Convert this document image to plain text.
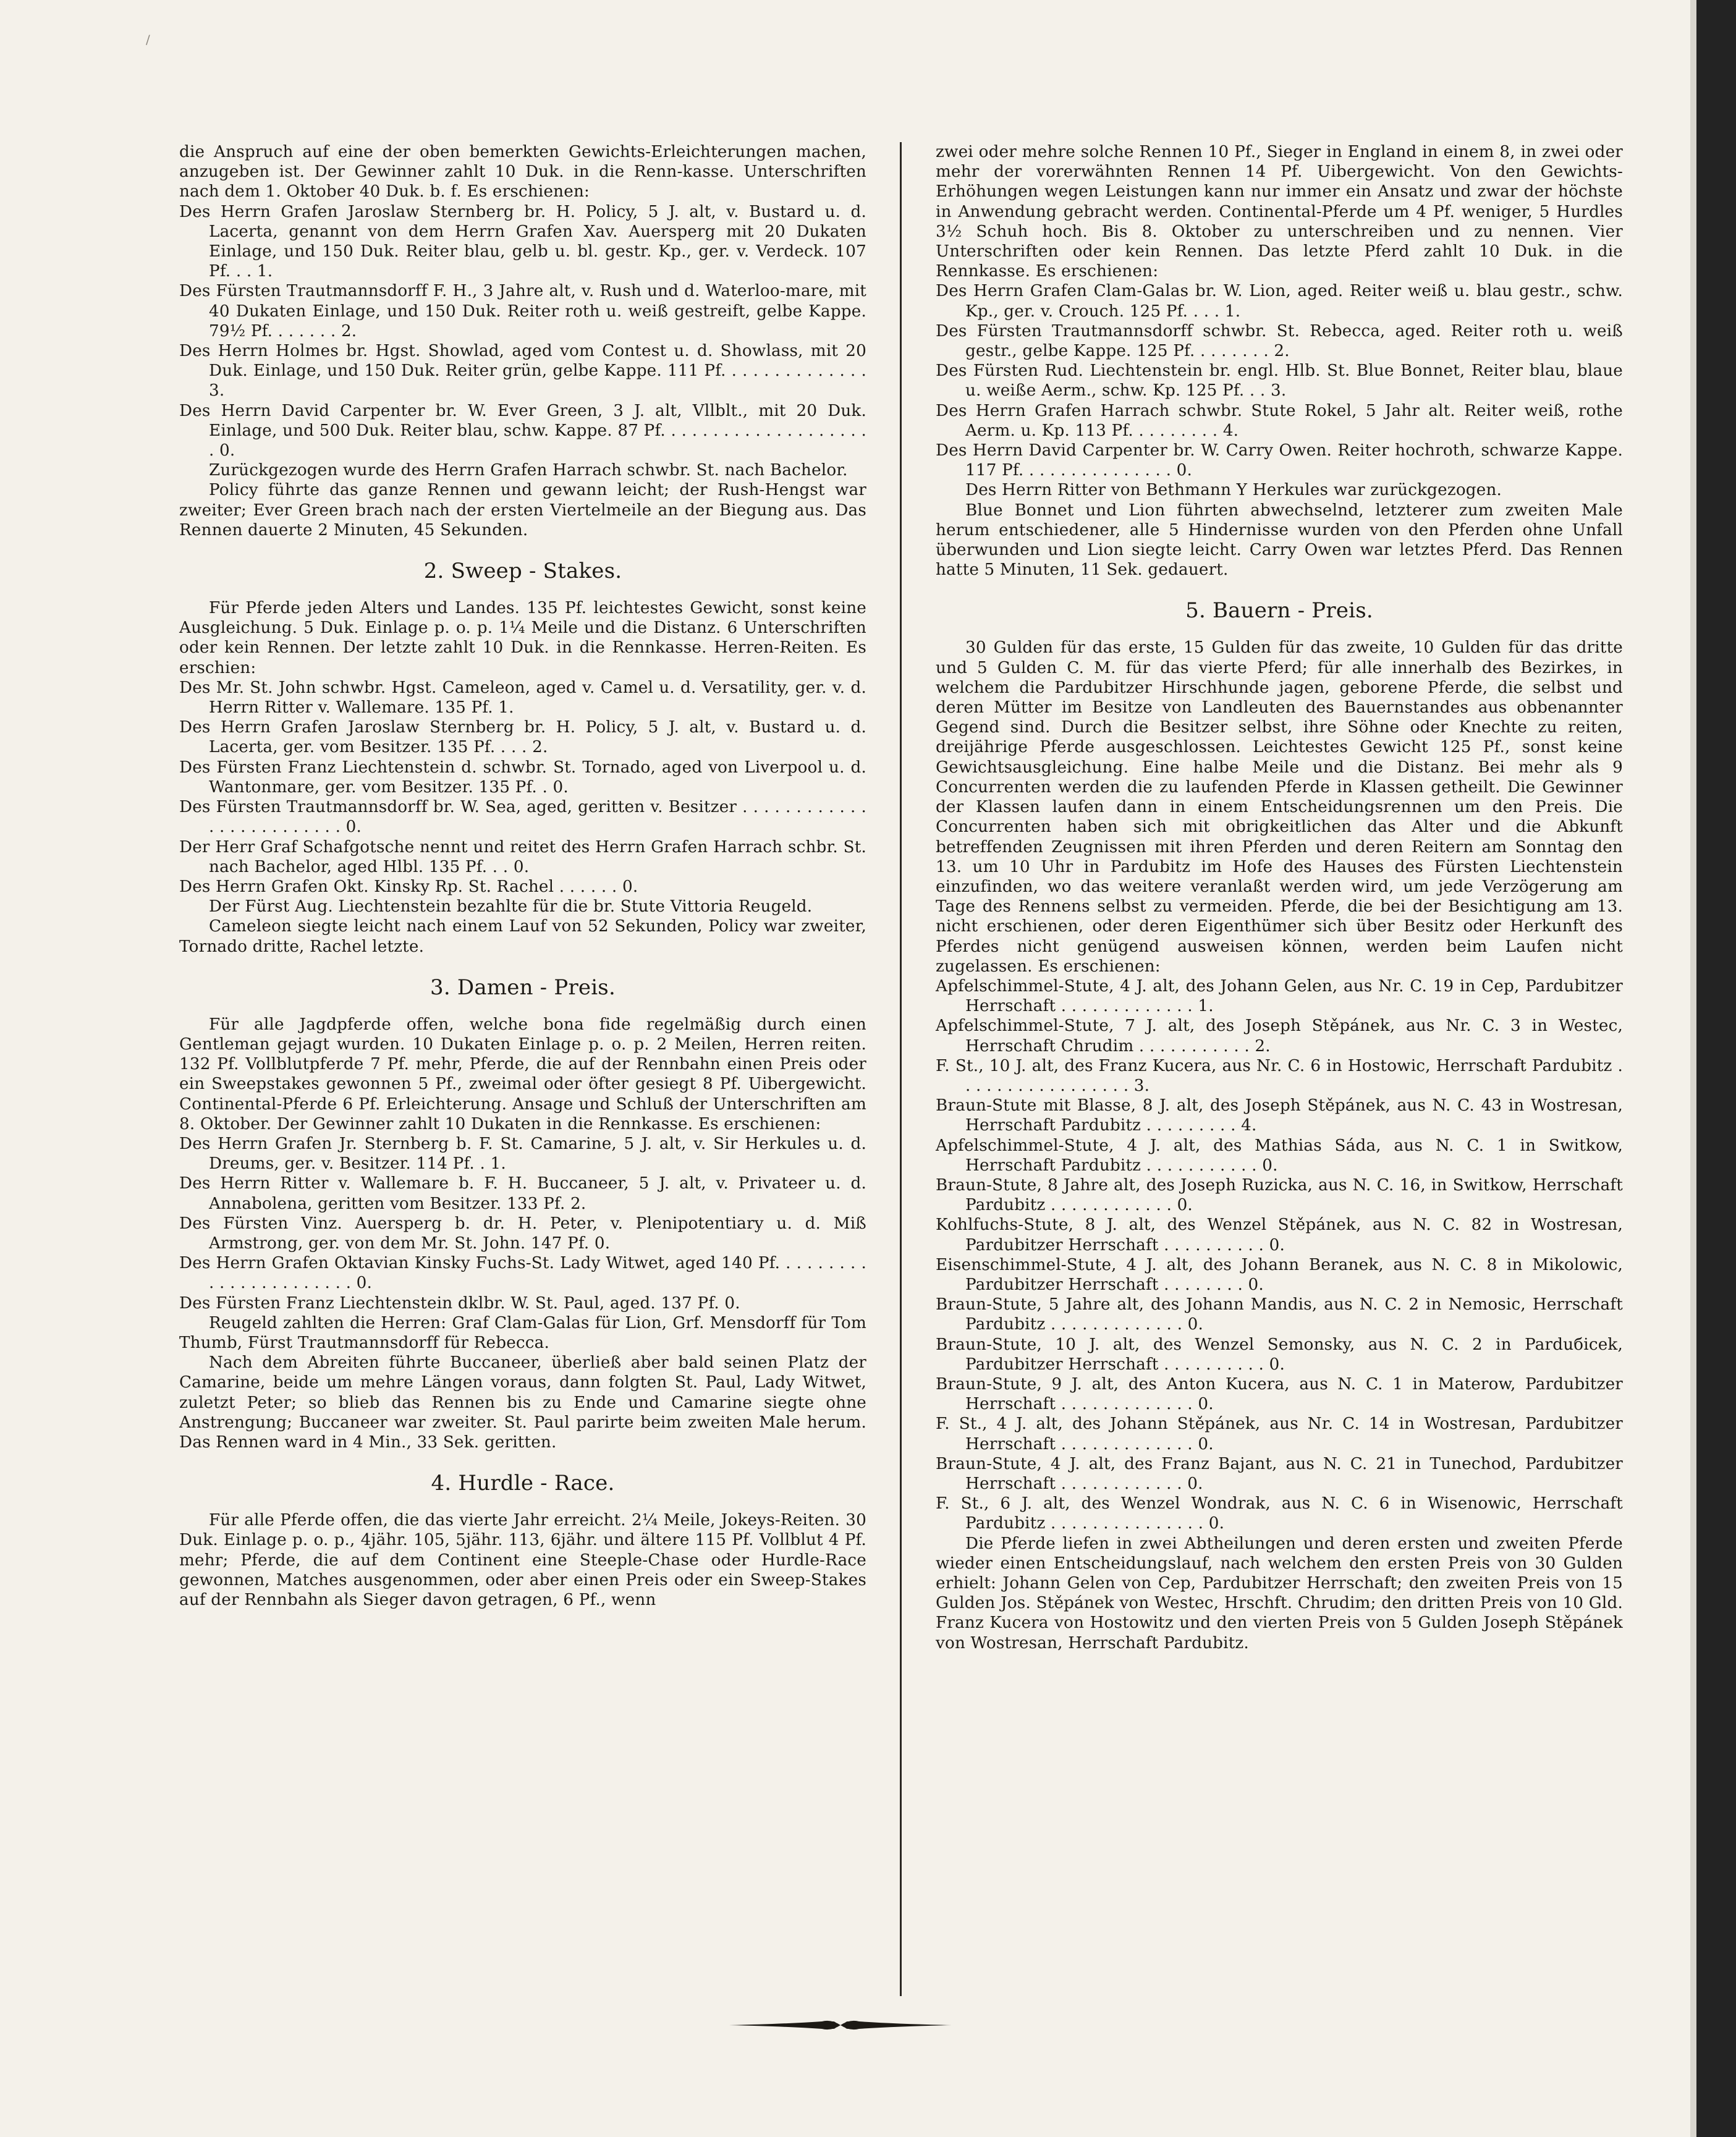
/

die Anspruch auf eine der oben bemerkten Gewichts-Erleichterungen machen, anzugeben ist. Der Gewinner zahlt 10 Duk. in die Renn-kasse. Unterschriften nach dem 1. Oktober 40 Duk. b. f. Es erschienen:

Des Herrn Grafen Jaroslaw Sternberg br. H. Policy, 5 J. alt, v. Bustard u. d. Lacerta, genannt von dem Herrn Grafen Xav. Auersperg mit 20 Dukaten Einlage, und 150 Duk. Reiter blau, gelb u. bl. gestr. Kp., ger. v. Verdeck. 107 Pf. . . 1.

Des Fürsten Trautmannsdorff F. H., 3 Jahre alt, v. Rush und d. Waterloo-mare, mit 40 Dukaten Einlage, und 150 Duk. Reiter roth u. weiß gestreift, gelbe Kappe. 79½ Pf. . . . . . . 2.

Des Herrn Holmes br. Hgst. Showlad, aged vom Contest u. d. Showlass, mit 20 Duk. Einlage, und 150 Duk. Reiter grün, gelbe Kappe. 111 Pf. . . . . . . . . . . . . . 3.

Des Herrn David Carpenter br. W. Ever Green, 3 J. alt, Vllblt., mit 20 Duk. Einlage, und 500 Duk. Reiter blau, schw. Kappe. 87 Pf. . . . . . . . . . . . . . . . . . . . . 0.

Zurückgezogen wurde des Herrn Grafen Harrach schwbr. St. nach Bachelor.

Policy führte das ganze Rennen und gewann leicht; der Rush-Hengst war zweiter; Ever Green brach nach der ersten Viertelmeile an der Biegung aus. Das Rennen dauerte 2 Minuten, 45 Sekunden.

2. Sweep - Stakes.

Für Pferde jeden Alters und Landes. 135 Pf. leichtestes Gewicht, sonst keine Ausgleichung. 5 Duk. Einlage p. o. p. 1¼ Meile und die Distanz. 6 Unterschriften oder kein Rennen. Der letzte zahlt 10 Duk. in die Rennkasse. Herren-Reiten. Es erschien:

Des Mr. St. John schwbr. Hgst. Cameleon, aged v. Camel u. d. Versatility, ger. v. d. Herrn Ritter v. Wallemare. 135 Pf. 1.

Des Herrn Grafen Jaroslaw Sternberg br. H. Policy, 5 J. alt, v. Bustard u. d. Lacerta, ger. vom Besitzer. 135 Pf. . . . 2.

Des Fürsten Franz Liechtenstein d. schwbr. St. Tornado, aged von Liverpool u. d. Wantonmare, ger. vom Besitzer. 135 Pf. . 0.

Des Fürsten Trautmannsdorff br. W. Sea, aged, geritten v. Besitzer . . . . . . . . . . . . . . . . . . . . . . . . . 0.

Der Herr Graf Schafgotsche nennt und reitet des Herrn Grafen Harrach schbr. St. nach Bachelor, aged Hlbl. 135 Pf. . . 0.

Des Herrn Grafen Okt. Kinsky Rp. St. Rachel . . . . . . 0.

Der Fürst Aug. Liechtenstein bezahlte für die br. Stute Vittoria Reugeld.

Cameleon siegte leicht nach einem Lauf von 52 Sekunden, Policy war zweiter, Tornado dritte, Rachel letzte.

3. Damen - Preis.

Für alle Jagdpferde offen, welche bona fide regelmäßig durch einen Gentleman gejagt wurden. 10 Dukaten Einlage p. o. p. 2 Meilen, Herren reiten. 132 Pf. Vollblutpferde 7 Pf. mehr, Pferde, die auf der Rennbahn einen Preis oder ein Sweepstakes gewonnen 5 Pf., zweimal oder öfter gesiegt 8 Pf. Uibergewicht. Continental-Pferde 6 Pf. Erleichterung. Ansage und Schluß der Unterschriften am 8. Oktober. Der Gewinner zahlt 10 Dukaten in die Rennkasse. Es erschienen:

Des Herrn Grafen Jr. Sternberg b. F. St. Camarine, 5 J. alt, v. Sir Herkules u. d. Dreums, ger. v. Besitzer. 114 Pf. . 1.

Des Herrn Ritter v. Wallemare b. F. H. Buccaneer, 5 J. alt, v. Privateer u. d. Annabolena, geritten vom Besitzer. 133 Pf. 2.

Des Fürsten Vinz. Auersperg b. dr. H. Peter, v. Plenipotentiary u. d. Miß Armstrong, ger. von dem Mr. St. John. 147 Pf. 0.

Des Herrn Grafen Oktavian Kinsky Fuchs-St. Lady Witwet, aged 140 Pf. . . . . . . . . . . . . . . . . . . . . . . 0.

Des Fürsten Franz Liechtenstein dklbr. W. St. Paul, aged. 137 Pf. 0.

Reugeld zahlten die Herren: Graf Clam-Galas für Lion, Grf. Mensdorff für Tom Thumb, Fürst Trautmannsdorff für Rebecca.

Nach dem Abreiten führte Buccaneer, überließ aber bald seinen Platz der Camarine, beide um mehre Längen voraus, dann folgten St. Paul, Lady Witwet, zuletzt Peter; so blieb das Rennen bis zu Ende und Camarine siegte ohne Anstrengung; Buccaneer war zweiter. St. Paul parirte beim zweiten Male herum. Das Rennen ward in 4 Min., 33 Sek. geritten.

4. Hurdle - Race.

Für alle Pferde offen, die das vierte Jahr erreicht. 2¼ Meile, Jokeys-Reiten. 30 Duk. Einlage p. o. p., 4jähr. 105, 5jähr. 113, 6jähr. und ältere 115 Pf. Vollblut 4 Pf. mehr; Pferde, die auf dem Continent eine Steeple-Chase oder Hurdle-Race gewonnen, Matches ausgenommen, oder aber einen Preis oder ein Sweep-Stakes auf der Rennbahn als Sieger davon getragen, 6 Pf., wenn

zwei oder mehre solche Rennen 10 Pf., Sieger in England in einem 8, in zwei oder mehr der vorerwähnten Rennen 14 Pf. Uibergewicht. Von den Gewichts-Erhöhungen wegen Leistungen kann nur immer ein Ansatz und zwar der höchste in Anwendung gebracht werden. Continental-Pferde um 4 Pf. weniger, 5 Hurdles 3½ Schuh hoch. Bis 8. Oktober zu unterschreiben und zu nennen. Vier Unterschriften oder kein Rennen. Das letzte Pferd zahlt 10 Duk. in die Rennkasse. Es erschienen:

Des Herrn Grafen Clam-Galas br. W. Lion, aged. Reiter weiß u. blau gestr., schw. Kp., ger. v. Crouch. 125 Pf. . . . 1.

Des Fürsten Trautmannsdorff schwbr. St. Rebecca, aged. Reiter roth u. weiß gestr., gelbe Kappe. 125 Pf. . . . . . . . 2.

Des Fürsten Rud. Liechtenstein br. engl. Hlb. St. Blue Bonnet, Reiter blau, blaue u. weiße Aerm., schw. Kp. 125 Pf. . . 3.

Des Herrn Grafen Harrach schwbr. Stute Rokel, 5 Jahr alt. Reiter weiß, rothe Aerm. u. Kp. 113 Pf. . . . . . . . . 4.

Des Herrn David Carpenter br. W. Carry Owen. Reiter hochroth, schwarze Kappe. 117 Pf. . . . . . . . . . . . . . . 0.

Des Herrn Ritter von Bethmann Y Herkules war zurückgezogen.

Blue Bonnet und Lion führten abwechselnd, letzterer zum zweiten Male herum entschiedener, alle 5 Hindernisse wurden von den Pferden ohne Unfall überwunden und Lion siegte leicht. Carry Owen war letztes Pferd. Das Rennen hatte 5 Minuten, 11 Sek. gedauert.

5. Bauern - Preis.

30 Gulden für das erste, 15 Gulden für das zweite, 10 Gulden für das dritte und 5 Gulden C. M. für das vierte Pferd; für alle innerhalb des Bezirkes, in welchem die Pardubitzer Hirschhunde jagen, geborene Pferde, die selbst und deren Mütter im Besitze von Landleuten des Bauernstandes aus obbenannter Gegend sind. Durch die Besitzer selbst, ihre Söhne oder Knechte zu reiten, dreijährige Pferde ausgeschlossen. Leichtestes Gewicht 125 Pf., sonst keine Gewichtsausgleichung. Eine halbe Meile und die Distanz. Bei mehr als 9 Concurrenten werden die zu laufenden Pferde in Klassen getheilt. Die Gewinner der Klassen laufen dann in einem Entscheidungsrennen um den Preis. Die Concurrenten haben sich mit obrigkeitlichen das Alter und die Abkunft betreffenden Zeugnissen mit ihren Pferden und deren Reitern am Sonntag den 13. um 10 Uhr in Pardubitz im Hofe des Hauses des Fürsten Liechtenstein einzufinden, wo das weitere veranlaßt werden wird, um jede Verzögerung am Tage des Rennens selbst zu vermeiden. Pferde, die bei der Besichtigung am 13. nicht erschienen, oder deren Eigenthümer sich über Besitz oder Herkunft des Pferdes nicht genügend ausweisen können, werden beim Laufen nicht zugelassen. Es erschienen:

Apfelschimmel-Stute, 4 J. alt, des Johann Gelen, aus Nr. C. 19 in Cep, Pardubitzer Herrschaft . . . . . . . . . . . . . 1.

Apfelschimmel-Stute, 7 J. alt, des Joseph Stěpánek, aus Nr. C. 3 in Westec, Herrschaft Chrudim . . . . . . . . . . . 2.

F. St., 10 J. alt, des Franz Kucera, aus Nr. C. 6 in Hostowic, Herrschaft Pardubitz . . . . . . . . . . . . . . . . . 3.

Braun-Stute mit Blasse, 8 J. alt, des Joseph Stěpánek, aus N. C. 43 in Wostresan, Herrschaft Pardubitz . . . . . . . . . 4.

Apfelschimmel-Stute, 4 J. alt, des Mathias Sáda, aus N. C. 1 in Switkow, Herrschaft Pardubitz . . . . . . . . . . . 0.

Braun-Stute, 8 Jahre alt, des Joseph Ruzicka, aus N. C. 16, in Switkow, Herrschaft Pardubitz . . . . . . . . . . . . 0.

Kohlfuchs-Stute, 8 J. alt, des Wenzel Stěpánek, aus N. C. 82 in Wostresan, Pardubitzer Herrschaft . . . . . . . . . . 0.

Eisenschimmel-Stute, 4 J. alt, des Johann Beranek, aus N. C. 8 in Mikolowic, Pardubitzer Herrschaft . . . . . . . . 0.

Braun-Stute, 5 Jahre alt, des Johann Mandis, aus N. C. 2 in Nemosic, Herrschaft Pardubitz . . . . . . . . . . . . . 0.

Braun-Stute, 10 J. alt, des Wenzel Semonsky, aus N. C. 2 in Parduбicek, Pardubitzer Herrschaft . . . . . . . . . . 0.

Braun-Stute, 9 J. alt, des Anton Kucera, aus N. C. 1 in Materow, Pardubitzer Herrschaft . . . . . . . . . . . . . 0.

F. St., 4 J. alt, des Johann Stěpánek, aus Nr. C. 14 in Wostresan, Pardubitzer Herrschaft . . . . . . . . . . . . . 0.

Braun-Stute, 4 J. alt, des Franz Bajant, aus N. C. 21 in Tunechod, Pardubitzer Herrschaft . . . . . . . . . . . . 0.

F. St., 6 J. alt, des Wenzel Wondrak, aus N. C. 6 in Wisenowic, Herrschaft Pardubitz . . . . . . . . . . . . . . . 0.

Die Pferde liefen in zwei Abtheilungen und deren ersten und zweiten Pferde wieder einen Entscheidungslauf, nach welchem den ersten Preis von 30 Gulden erhielt: Johann Gelen von Cep, Pardubitzer Herrschaft; den zweiten Preis von 15 Gulden Jos. Stěpánek von Westec, Hrschft. Chrudim; den dritten Preis von 10 Gld. Franz Kucera von Hostowitz und den vierten Preis von 5 Gulden Joseph Stěpánek von Wostresan, Herrschaft Pardubitz.
